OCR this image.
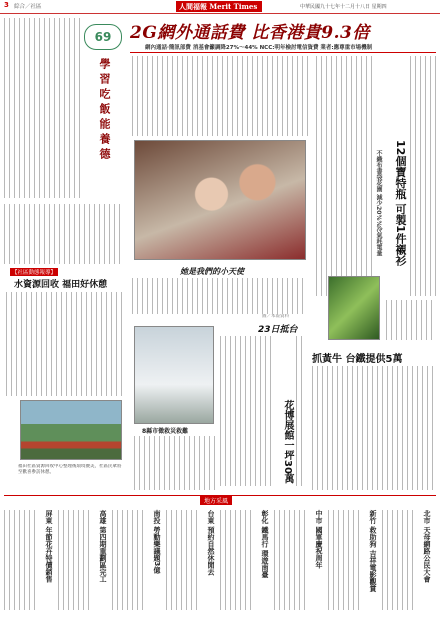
3 綜合／社區	人間福報 Merit Times	中華民國九十七年十二月十八日 星期四
69
學習吃飯能養德
【社區動態報導】
水資源回收 福田好休憩
福田社區資源回收中心整理後環境優美，社區民眾將至歡喜參訪休憩。
2G網外通話費 比香港貴9.3倍
網內通話‧簡訊部費 消基會籲調降27%～44% NCC:明年檢討電信資費 業者:應尊重市場機制
她是我們的小天使
圖／本報資料
8縣市徵救災救難
23日抵台
花博展館一坪30萬
12個寶特瓶 可製1件襯衫
不織布書袋花園 減少20%%冷氣耗電量
抓黃牛 台鐵提供5萬
地方采風
北市 天母網路公民大會
新竹 救助狗 吉祥電影觀賞
中市 國軍慶祝周年
彰化 鐵馬行 環遊南臺
台東 預約自然休閒去
南投 勞動樂議題3億
高雄 第四期重劃區完工
屏東 年節花卉特價銷售
